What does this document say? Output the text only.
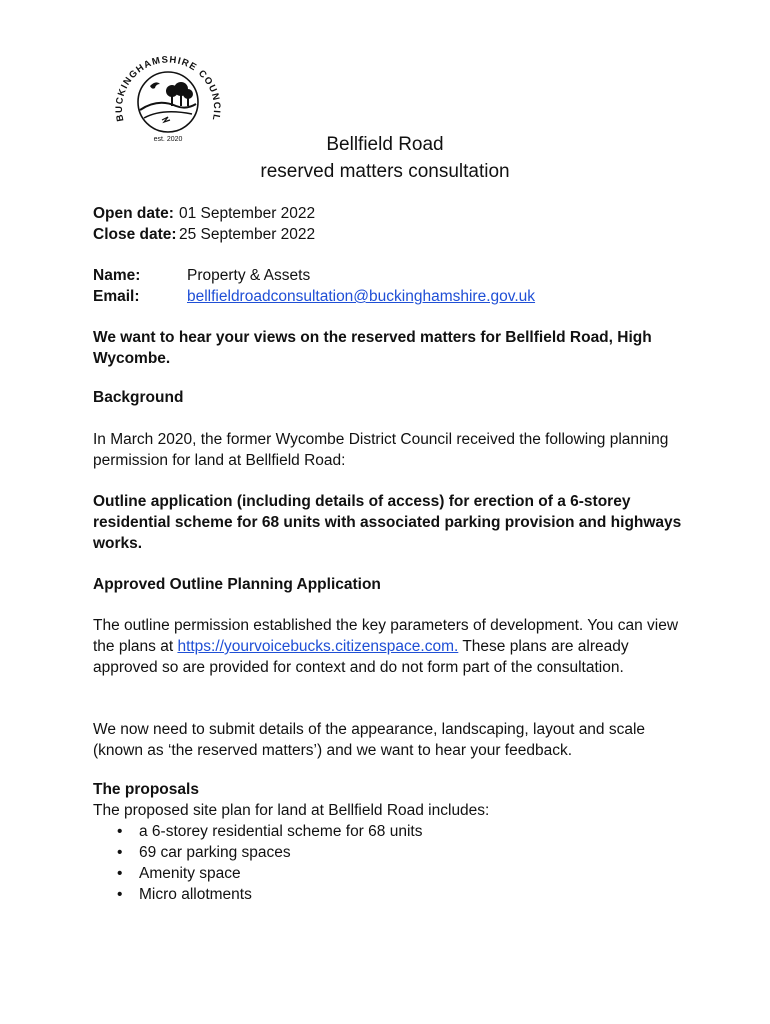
BUCKINGHAMSHIRE COUNCIL
est. 2020	Bellfield Road
reserved matters consultation
Open date: 01 September 2022
Close date: 25 September 2022
Name:	Property & Assets
Email:	bellfieldroadconsultation@buckinghamshire.gov.uk
We want to hear your views on the reserved matters for Bellfield Road, High Wycombe.
Background
In March 2020, the former Wycombe District Council received the following planning permission for land at Bellfield Road:
Outline application (including details of access) for erection of a 6-storey residential scheme for 68 units with associated parking provision and highways works.
Approved Outline Planning Application
The outline permission established the key parameters of development. You can view the plans at https://yourvoicebucks.citizenspace.com. These plans are already approved so are provided for context and do not form part of the consultation.
We now need to submit details of the appearance, landscaping, layout and scale (known as ‘the reserved matters’) and we want to hear your feedback.
The proposals
The proposed site plan for land at Bellfield Road includes:
• a 6-storey residential scheme for 68 units
• 69 car parking spaces
• Amenity space
• Micro allotments
